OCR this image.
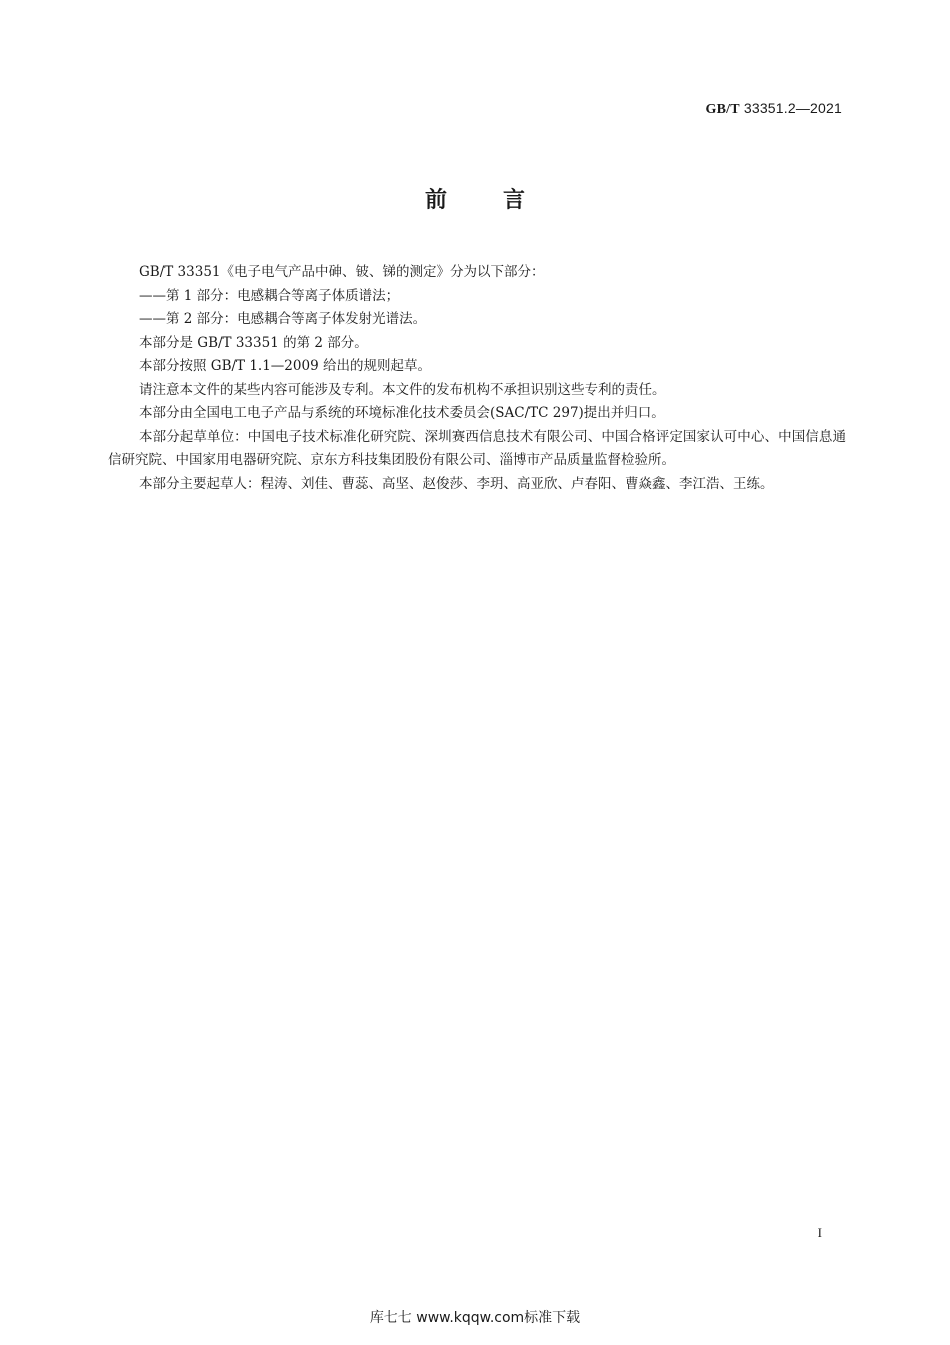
GB/T 33351.2—2021
前言

GB/T 33351《电子电气产品中砷、铍、锑的测定》分为以下部分：

——第 1 部分：电感耦合等离子体质谱法；

——第 2 部分：电感耦合等离子体发射光谱法。

本部分是 GB/T 33351 的第 2 部分。

本部分按照 GB/T 1.1—2009 给出的规则起草。

请注意本文件的某些内容可能涉及专利。本文件的发布机构不承担识别这些专利的责任。

本部分由全国电工电子产品与系统的环境标准化技术委员会(SAC/TC 297)提出并归口。

本部分起草单位：中国电子技术标准化研究院、深圳赛西信息技术有限公司、中国合格评定国家认可中心、中国信息通信研究院、中国家用电器研究院、京东方科技集团股份有限公司、淄博市产品质量监督检验所。

本部分主要起草人：程涛、刘佳、曹蕊、高坚、赵俊莎、李玥、高亚欣、卢春阳、曹焱鑫、李江浩、王练。

I
库七七 www.kqqw.com标准下载
